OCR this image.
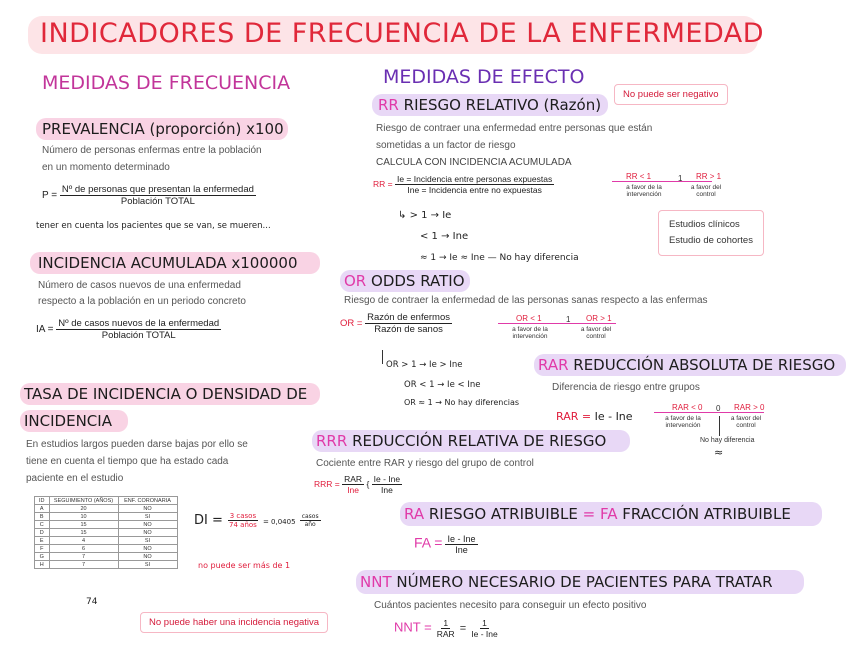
INDICADORES DE FRECUENCIA DE LA ENFERMEDAD
MEDIDAS DE FRECUENCIA
PREVALENCIA (proporción) x100
Número de personas enfermas entre la población
en un momento determinado
$P = \frac{\text{Nº de personas que presentan la enfermedad}}{\text{Población TOTAL}}$
tener en cuenta los pacientes que se van, se mueren...
INCIDENCIA ACUMULADA x100000
Número de casos nuevos de una enfermedad
respecto a la población en un periodo concreto
IA = $\frac{\text{Nº de casos nuevos de la enfermedad}}{\text{Población TOTAL}}$
TASA DE INCIDENCIA O DENSIDAD DE
INCIDENCIA
En estudios largos pueden darse bajas por ello se
tiene en cuenta el tiempo que ha estado cada
paciente en el estudio
ID	SEGUIMIENTO (AÑOS)	ENF. CORONARIA
A	20	NO
B	10	SI
C	15	NO
D	15	NO
E	4	SI
F	6	NO
G	7	NO
H	7	SI
74
DI = $\frac{\text{3 casos}}{\text{74 años}} = 0,0405 \frac{\text{casos}}{\text{año}}$
no puede ser más de 1
No puede haber una incidencia negativa
MEDIDAS DE EFECTO
No puede ser negativo
RR RIESGO RELATIVO (Razón)
Riesgo de contraer una enfermedad entre personas que están
sometidas a un factor de riesgo
CALCULA CON INCIDENCIA ACUMULADA
RR = $\frac{\text{Ie = Incidencia entre personas expuestas}}{\text{Ine = Incidencia entre no expuestas}}$	RR < 1	1 RR > 1
a favor de la intervención
a favor del control
↳ > 1 → Ie
< 1 → Ine
≈ 1 → Ie ≈ Ine — No hay diferencia
Estudios clínicos
Estudio de cohortes
OR ODDS RATIO
Riesgo de contraer la enfermedad de las personas sanas respecto a las enfermas
OR = $\frac{\text{Razón de enfermos}}{\text{Razón de sanos}}$	OR < 1	1 OR > 1
a favor de la intervención
a favor del control
OR > 1 → Ie > Ine
OR < 1 → Ie < Ine
OR ≈ 1 → No hay diferencias
RAR REDUCCIÓN ABSOLUTA DE RIESGO
Diferencia de riesgo entre grupos
RAR = Ie - Ine
RAR < 0 0 RAR > 0
a favor de la intervención
a favor del control
No hay diferencia
≈
RRR REDUCCIÓN RELATIVA DE RIESGO
Cociente entre RAR y riesgo del grupo de control
RRR = $\frac{\text{RAR}}{\text{Ine}}$ { $\frac{\text{Ie - Ine}}{\text{Ine}}$
RA RIESGO ATRIBUIBLE = FA FRACCIÓN ATRIBUIBLE
FA = $\frac{\text{Ie - Ine}}{\text{Ine}}$
NNT NÚMERO NECESARIO DE PACIENTES PARA TRATAR
Cuántos pacientes necesito para conseguir un efecto positivo
NNT = $\frac{1}{\text{RAR}} = \frac{1}{\text{Ie - Ine}}$
